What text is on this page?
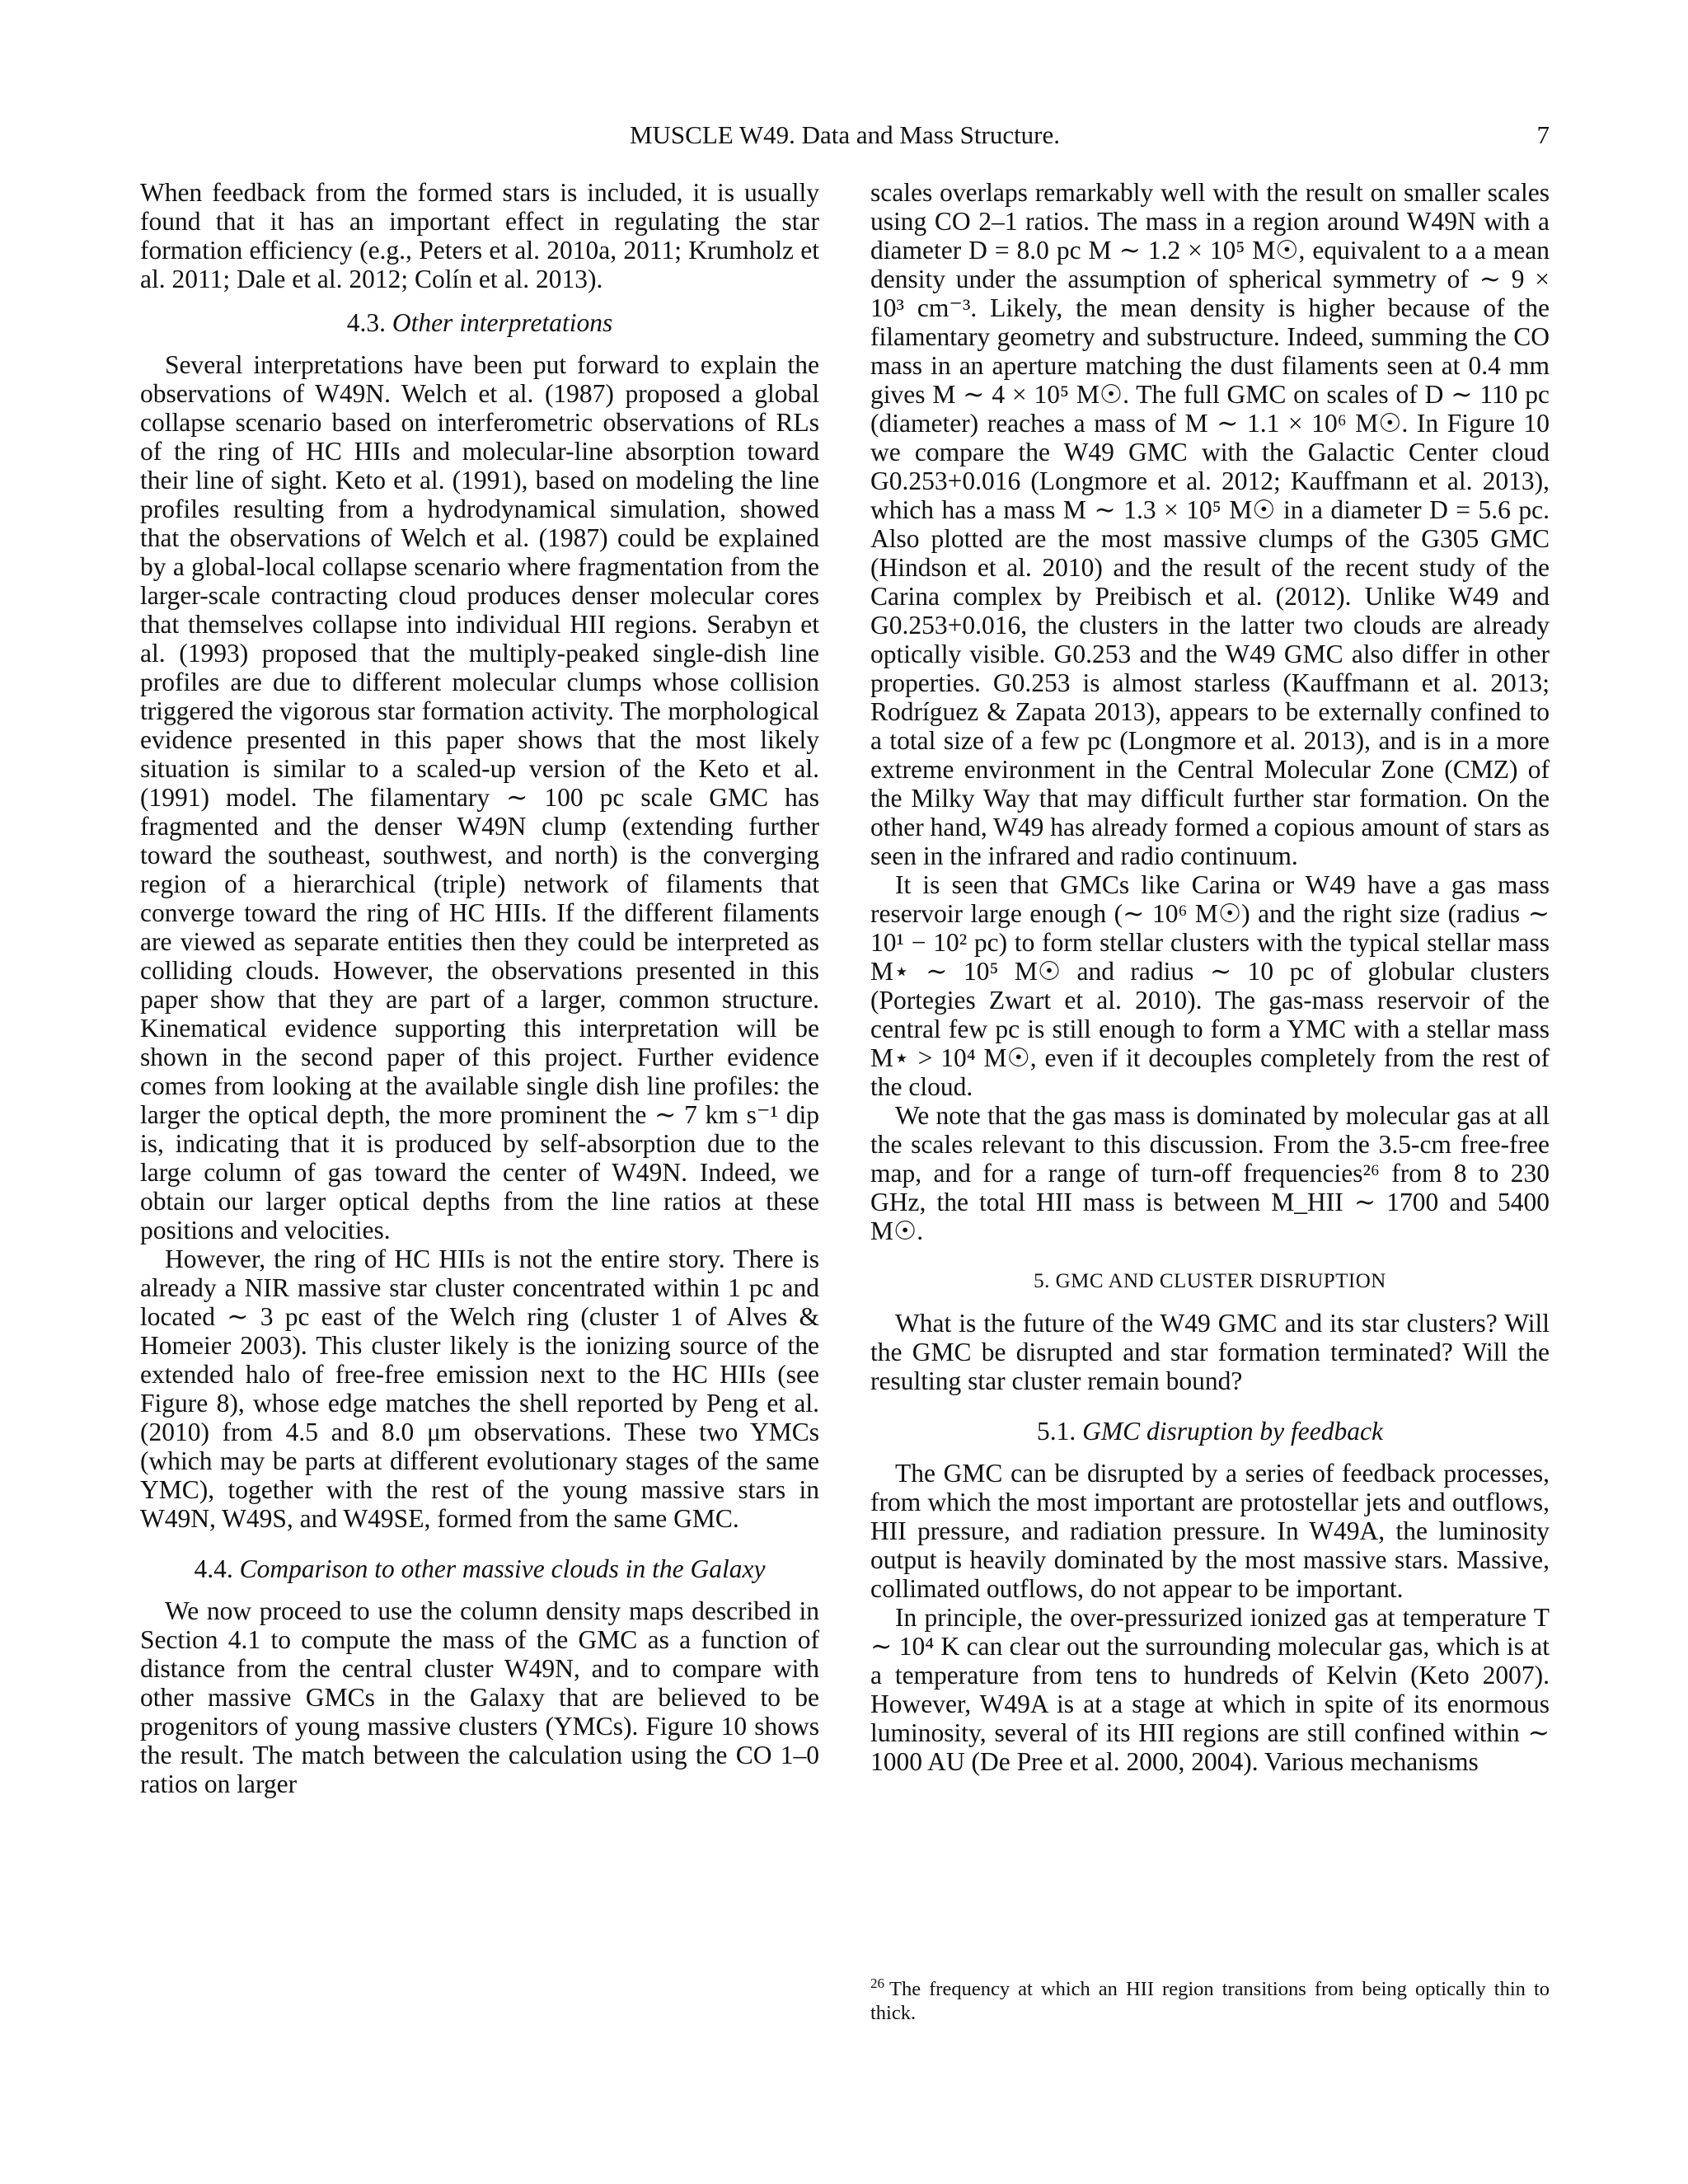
MUSCLE W49. Data and Mass Structure.	7

When feedback from the formed stars is included, it is usually found that it has an important effect in regulating the star formation efficiency (e.g., Peters et al. 2010a, 2011; Krumholz et al. 2011; Dale et al. 2012; Colín et al. 2013).

4.3. Other interpretations

Several interpretations have been put forward to explain the observations of W49N. Welch et al. (1987) proposed a global collapse scenario based on interferometric observations of RLs of the ring of HC HIIs and molecular-line absorption toward their line of sight. Keto et al. (1991), based on modeling the line profiles resulting from a hydrodynamical simulation, showed that the observations of Welch et al. (1987) could be explained by a global-local collapse scenario where fragmentation from the larger-scale contracting cloud produces denser molecular cores that themselves collapse into individual HII regions. Serabyn et al. (1993) proposed that the multiply-peaked single-dish line profiles are due to different molecular clumps whose collision triggered the vigorous star formation activity. The morphological evidence presented in this paper shows that the most likely situation is similar to a scaled-up version of the Keto et al. (1991) model. The filamentary ∼ 100 pc scale GMC has fragmented and the denser W49N clump (extending further toward the southeast, southwest, and north) is the converging region of a hierarchical (triple) network of filaments that converge toward the ring of HC HIIs. If the different filaments are viewed as separate entities then they could be interpreted as colliding clouds. However, the observations presented in this paper show that they are part of a larger, common structure. Kinematical evidence supporting this interpretation will be shown in the second paper of this project. Further evidence comes from looking at the available single dish line profiles: the larger the optical depth, the more prominent the ∼ 7 km s⁻¹ dip is, indicating that it is produced by self-absorption due to the large column of gas toward the center of W49N. Indeed, we obtain our larger optical depths from the line ratios at these positions and velocities.

However, the ring of HC HIIs is not the entire story. There is already a NIR massive star cluster concentrated within 1 pc and located ∼ 3 pc east of the Welch ring (cluster 1 of Alves & Homeier 2003). This cluster likely is the ionizing source of the extended halo of free-free emission next to the HC HIIs (see Figure 8), whose edge matches the shell reported by Peng et al. (2010) from 4.5 and 8.0 μm observations. These two YMCs (which may be parts at different evolutionary stages of the same YMC), together with the rest of the young massive stars in W49N, W49S, and W49SE, formed from the same GMC.

4.4. Comparison to other massive clouds in the Galaxy

We now proceed to use the column density maps described in Section 4.1 to compute the mass of the GMC as a function of distance from the central cluster W49N, and to compare with other massive GMCs in the Galaxy that are believed to be progenitors of young massive clusters (YMCs). Figure 10 shows the result. The match between the calculation using the CO 1–0 ratios on larger

scales overlaps remarkably well with the result on smaller scales using CO 2–1 ratios. The mass in a region around W49N with a diameter D = 8.0 pc M ∼ 1.2 × 10⁵ M☉, equivalent to a a mean density under the assumption of spherical symmetry of ∼ 9 × 10³ cm⁻³. Likely, the mean density is higher because of the filamentary geometry and substructure. Indeed, summing the CO mass in an aperture matching the dust filaments seen at 0.4 mm gives M ∼ 4 × 10⁵ M☉. The full GMC on scales of D ∼ 110 pc (diameter) reaches a mass of M ∼ 1.1 × 10⁶ M☉. In Figure 10 we compare the W49 GMC with the Galactic Center cloud G0.253+0.016 (Longmore et al. 2012; Kauffmann et al. 2013), which has a mass M ∼ 1.3 × 10⁵ M☉ in a diameter D = 5.6 pc. Also plotted are the most massive clumps of the G305 GMC (Hindson et al. 2010) and the result of the recent study of the Carina complex by Preibisch et al. (2012). Unlike W49 and G0.253+0.016, the clusters in the latter two clouds are already optically visible. G0.253 and the W49 GMC also differ in other properties. G0.253 is almost starless (Kauffmann et al. 2013; Rodríguez & Zapata 2013), appears to be externally confined to a total size of a few pc (Longmore et al. 2013), and is in a more extreme environment in the Central Molecular Zone (CMZ) of the Milky Way that may difficult further star formation. On the other hand, W49 has already formed a copious amount of stars as seen in the infrared and radio continuum.

It is seen that GMCs like Carina or W49 have a gas mass reservoir large enough (∼ 10⁶ M☉) and the right size (radius ∼ 10¹ − 10² pc) to form stellar clusters with the typical stellar mass M⋆ ∼ 10⁵ M☉ and radius ∼ 10 pc of globular clusters (Portegies Zwart et al. 2010). The gas-mass reservoir of the central few pc is still enough to form a YMC with a stellar mass M⋆ > 10⁴ M☉, even if it decouples completely from the rest of the cloud.

We note that the gas mass is dominated by molecular gas at all the scales relevant to this discussion. From the 3.5-cm free-free map, and for a range of turn-off frequencies²⁶ from 8 to 230 GHz, the total HII mass is between M_HII ∼ 1700 and 5400 M☉.

5. GMC AND CLUSTER DISRUPTION

What is the future of the W49 GMC and its star clusters? Will the GMC be disrupted and star formation terminated? Will the resulting star cluster remain bound?

5.1. GMC disruption by feedback

The GMC can be disrupted by a series of feedback processes, from which the most important are protostellar jets and outflows, HII pressure, and radiation pressure. In W49A, the luminosity output is heavily dominated by the most massive stars. Massive, collimated outflows, do not appear to be important.

In principle, the over-pressurized ionized gas at temperature T ∼ 10⁴ K can clear out the surrounding molecular gas, which is at a temperature from tens to hundreds of Kelvin (Keto 2007). However, W49A is at a stage at which in spite of its enormous luminosity, several of its HII regions are still confined within ∼ 1000 AU (De Pree et al. 2000, 2004). Various mechanisms

$^{26}$ The frequency at which an HII region transitions from being optically thin to thick.
